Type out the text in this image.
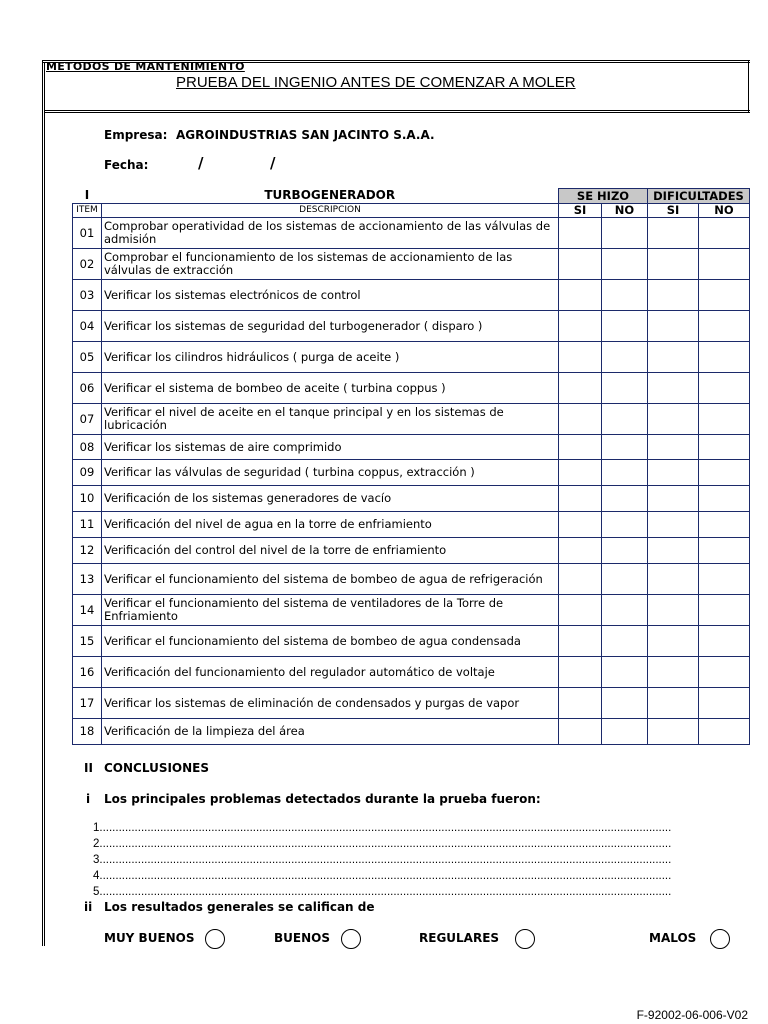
METODOS DE MANTENIMIENTO
PRUEBA DEL INGENIO ANTES DE COMENZAR A MOLER
Empresa: AGROINDUSTRIAS SAN JACINTO S.A.A.
Fecha:	/	/
I	TURBOGENERADOR	SE HIZO		DIFICULTADES	
ITEM	DESCRIPCION	SI	NO	SI	NO
01	Comprobar operatividad de los sistemas de accionamiento de las válvulas de admisión				
02	Comprobar el funcionamiento de los sistemas de accionamiento de las válvulas de extracción				
03	Verificar los sistemas electrónicos de control				
04	Verificar los sistemas de seguridad del turbogenerador ( disparo )				
05	Verificar los cilindros hidráulicos ( purga de aceite )				
06	Verificar el sistema de bombeo de aceite ( turbina coppus )				
07	Verificar el nivel de aceite en el tanque principal y en los sistemas de lubricación				
08	Verificar los sistemas de aire comprimido				
09	Verificar las válvulas de seguridad ( turbina coppus, extracción )				
10	Verificación de los sistemas generadores de vacío				
11	Verificación del nivel de agua en la torre de enfriamiento				
12	Verificación del control del nivel de la torre de enfriamiento				
13	Verificar el funcionamiento del sistema de bombeo de agua de refrigeración				
14	Verificar el funcionamiento del sistema de ventiladores de la Torre de Enfriamiento				
15	Verificar el funcionamiento del sistema de bombeo de agua condensada				
16	Verificación del funcionamiento del regulador automático de voltaje				
17	Verificar los sistemas de eliminación de condensados y purgas de vapor				
18	Verificación de la limpieza del área				
II CONCLUSIONES
i Los principales problemas detectados durante la prueba fueron:
1...................................................................................................................................................................................
2...................................................................................................................................................................................
3...................................................................................................................................................................................
4...................................................................................................................................................................................
5...................................................................................................................................................................................
ii Los resultados generales se califican de
MUY BUENOS	BUENOS	REGULARES	MALOS
F-92002-06-006-V02
